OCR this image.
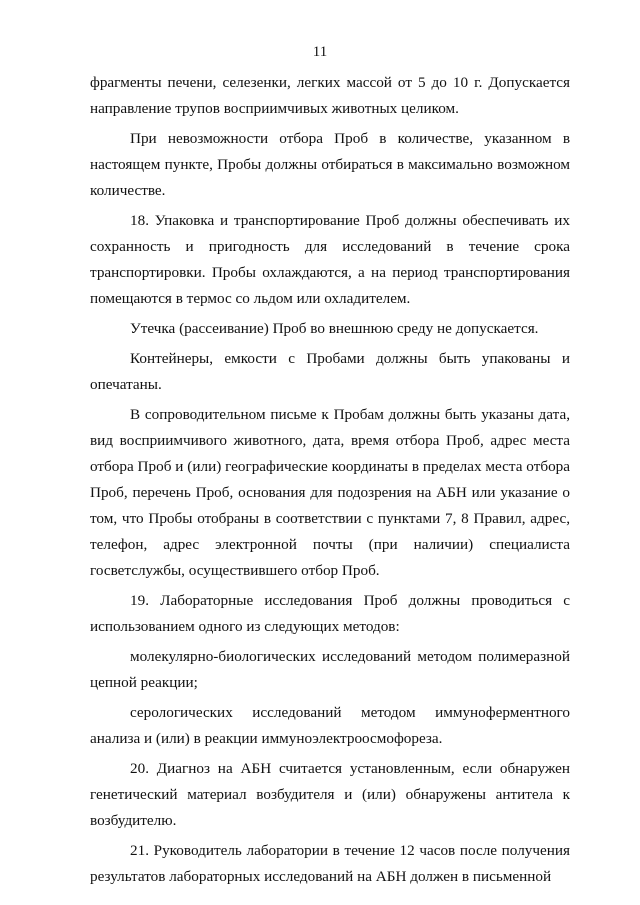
11

фрагменты печени, селезенки, легких массой от 5 до 10 г. Допускается направление трупов восприимчивых животных целиком.

При невозможности отбора Проб в количестве, указанном в настоящем пункте, Пробы должны отбираться в максимально возможном количестве.

18. Упаковка и транспортирование Проб должны обеспечивать их сохранность и пригодность для исследований в течение срока транспортировки. Пробы охлаждаются, а на период транспортирования помещаются в термос со льдом или охладителем.

Утечка (рассеивание) Проб во внешнюю среду не допускается.

Контейнеры, емкости с Пробами должны быть упакованы и опечатаны.

В сопроводительном письме к Пробам должны быть указаны дата, вид восприимчивого животного, дата, время отбора Проб, адрес места отбора Проб и (или) географические координаты в пределах места отбора Проб, перечень Проб, основания для подозрения на АБН или указание о том, что Пробы отобраны в соответствии с пунктами 7, 8 Правил, адрес, телефон, адрес электронной почты (при наличии) специалиста госветслужбы, осуществившего отбор Проб.

19. Лабораторные исследования Проб должны проводиться с использованием одного из следующих методов:

молекулярно-биологических исследований методом полимеразной цепной реакции;

серологических исследований методом иммуноферментного анализа и (или) в реакции иммуноэлектроосмофореза.

20. Диагноз на АБН считается установленным, если обнаружен генетический материал возбудителя и (или) обнаружены антитела к возбудителю.

21. Руководитель лаборатории в течение 12 часов после получения результатов лабораторных исследований на АБН должен в письменной
